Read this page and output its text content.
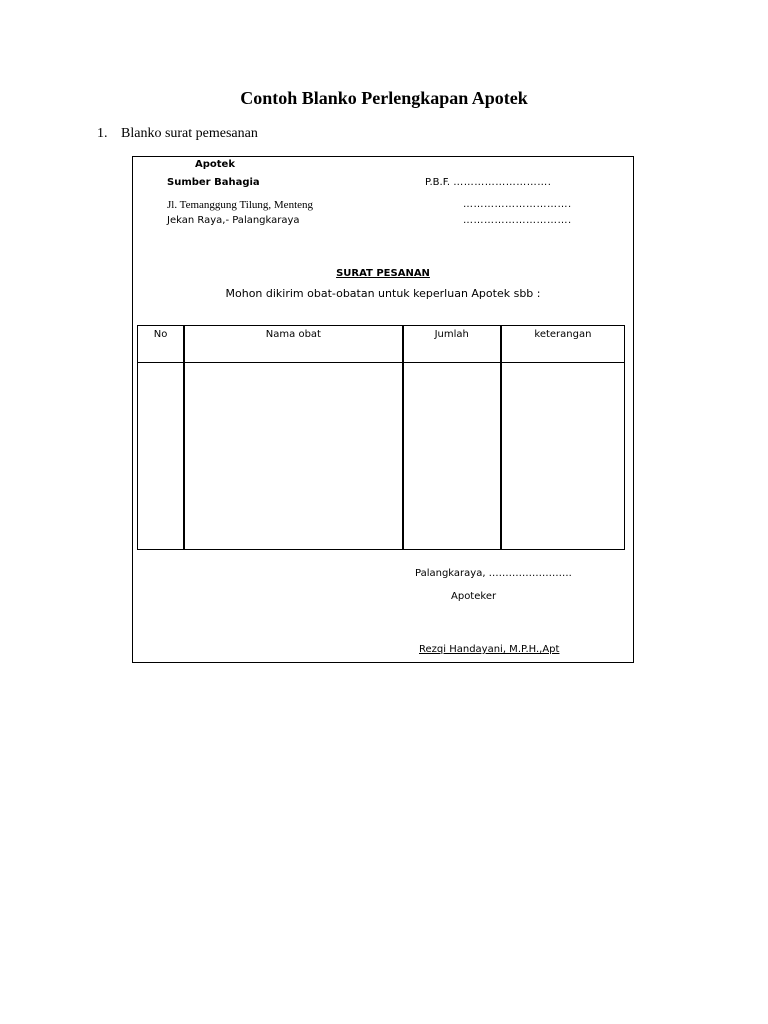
Contoh Blanko Perlengkapan Apotek
1. Blanko surat pemesanan
Apotek
Sumber Bahagia	P.B.F. ……………………….
Jl. Temanggung Tilung, Menteng	………………………….
Jekan Raya,- Palangkaraya	………………………….
SURAT PESANAN
Mohon dikirim obat-obatan untuk keperluan Apotek sbb :
No	Nama obat	Jumlah	keterangan

Palangkaraya, …………………….
Apoteker
Rezqi Handayani, M.P.H.,Apt
